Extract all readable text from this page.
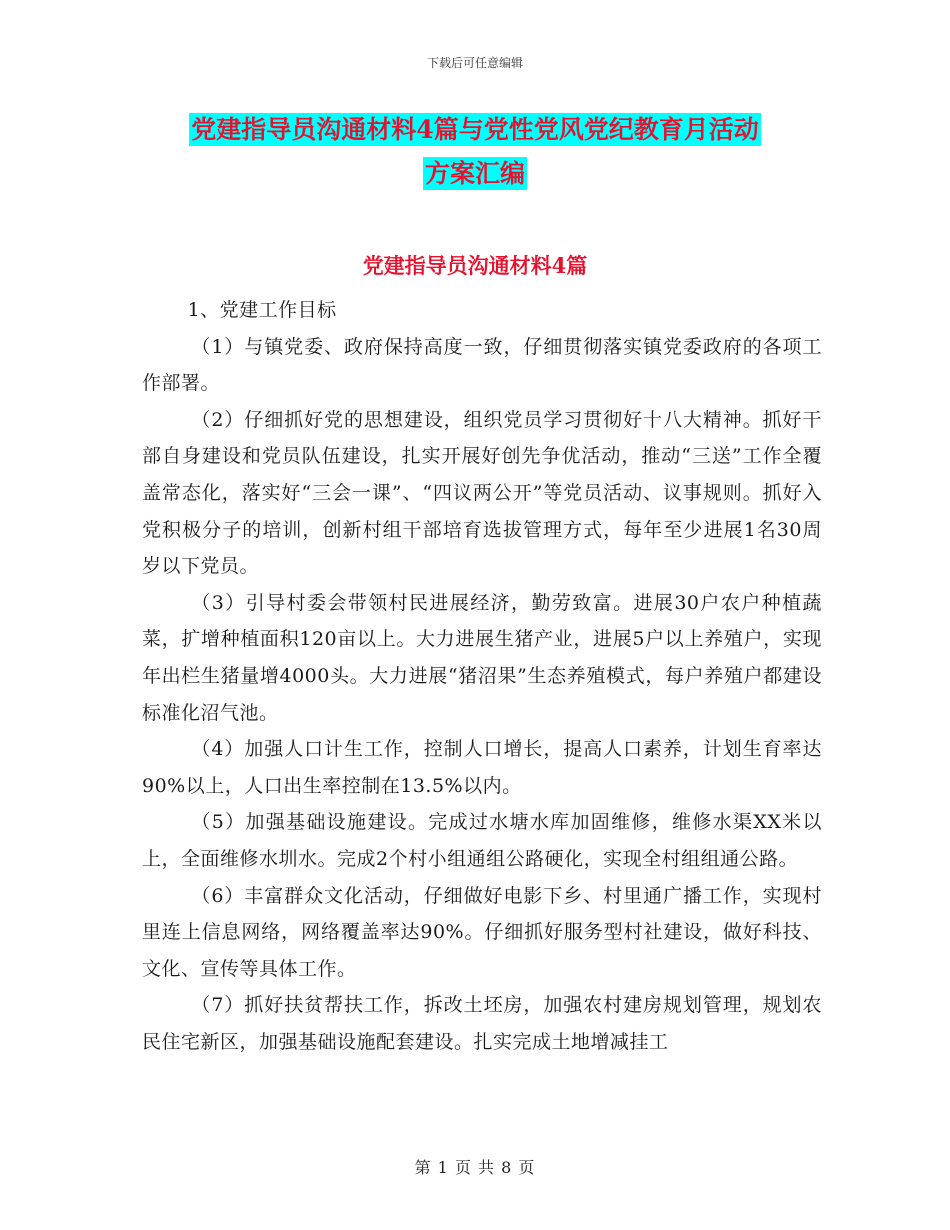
下载后可任意编辑
党建指导员沟通材料4篇与党性党风党纪教育月活动
方案汇编
党建指导员沟通材料4篇

1、党建工作目标

（1）与镇党委、政府保持高度一致，仔细贯彻落实镇党委政府的各项工作部署。

（2）仔细抓好党的思想建设，组织党员学习贯彻好十八大精神。抓好干部自身建设和党员队伍建设，扎实开展好创先争优活动，推动“三送”工作全覆盖常态化，落实好“三会一课”、“四议两公开”等党员活动、议事规则。抓好入党积极分子的培训，创新村组干部培育选拔管理方式，每年至少进展1名30周岁以下党员。

（3）引导村委会带领村民进展经济，勤劳致富。进展30户农户种植蔬菜，扩增种植面积120亩以上。大力进展生猪产业，进展5户以上养殖户，实现年出栏生猪量增4000头。大力进展“猪沼果”生态养殖模式，每户养殖户都建设标准化沼气池。

（4）加强人口计生工作，控制人口增长，提高人口素养，计划生育率达90%以上，人口出生率控制在13.5%以内。

（5）加强基础设施建设。完成过水塘水库加固维修，维修水渠XX米以上，全面维修水圳水。完成2个村小组通组公路硬化，实现全村组组通公路。

（6）丰富群众文化活动，仔细做好电影下乡、村里通广播工作，实现村里连上信息网络，网络覆盖率达90%。仔细抓好服务型村社建设，做好科技、文化、宣传等具体工作。

（7）抓好扶贫帮扶工作，拆改土坯房，加强农村建房规划管理，规划农民住宅新区，加强基础设施配套建设。扎实完成土地增减挂工

第 1 页 共 8 页
